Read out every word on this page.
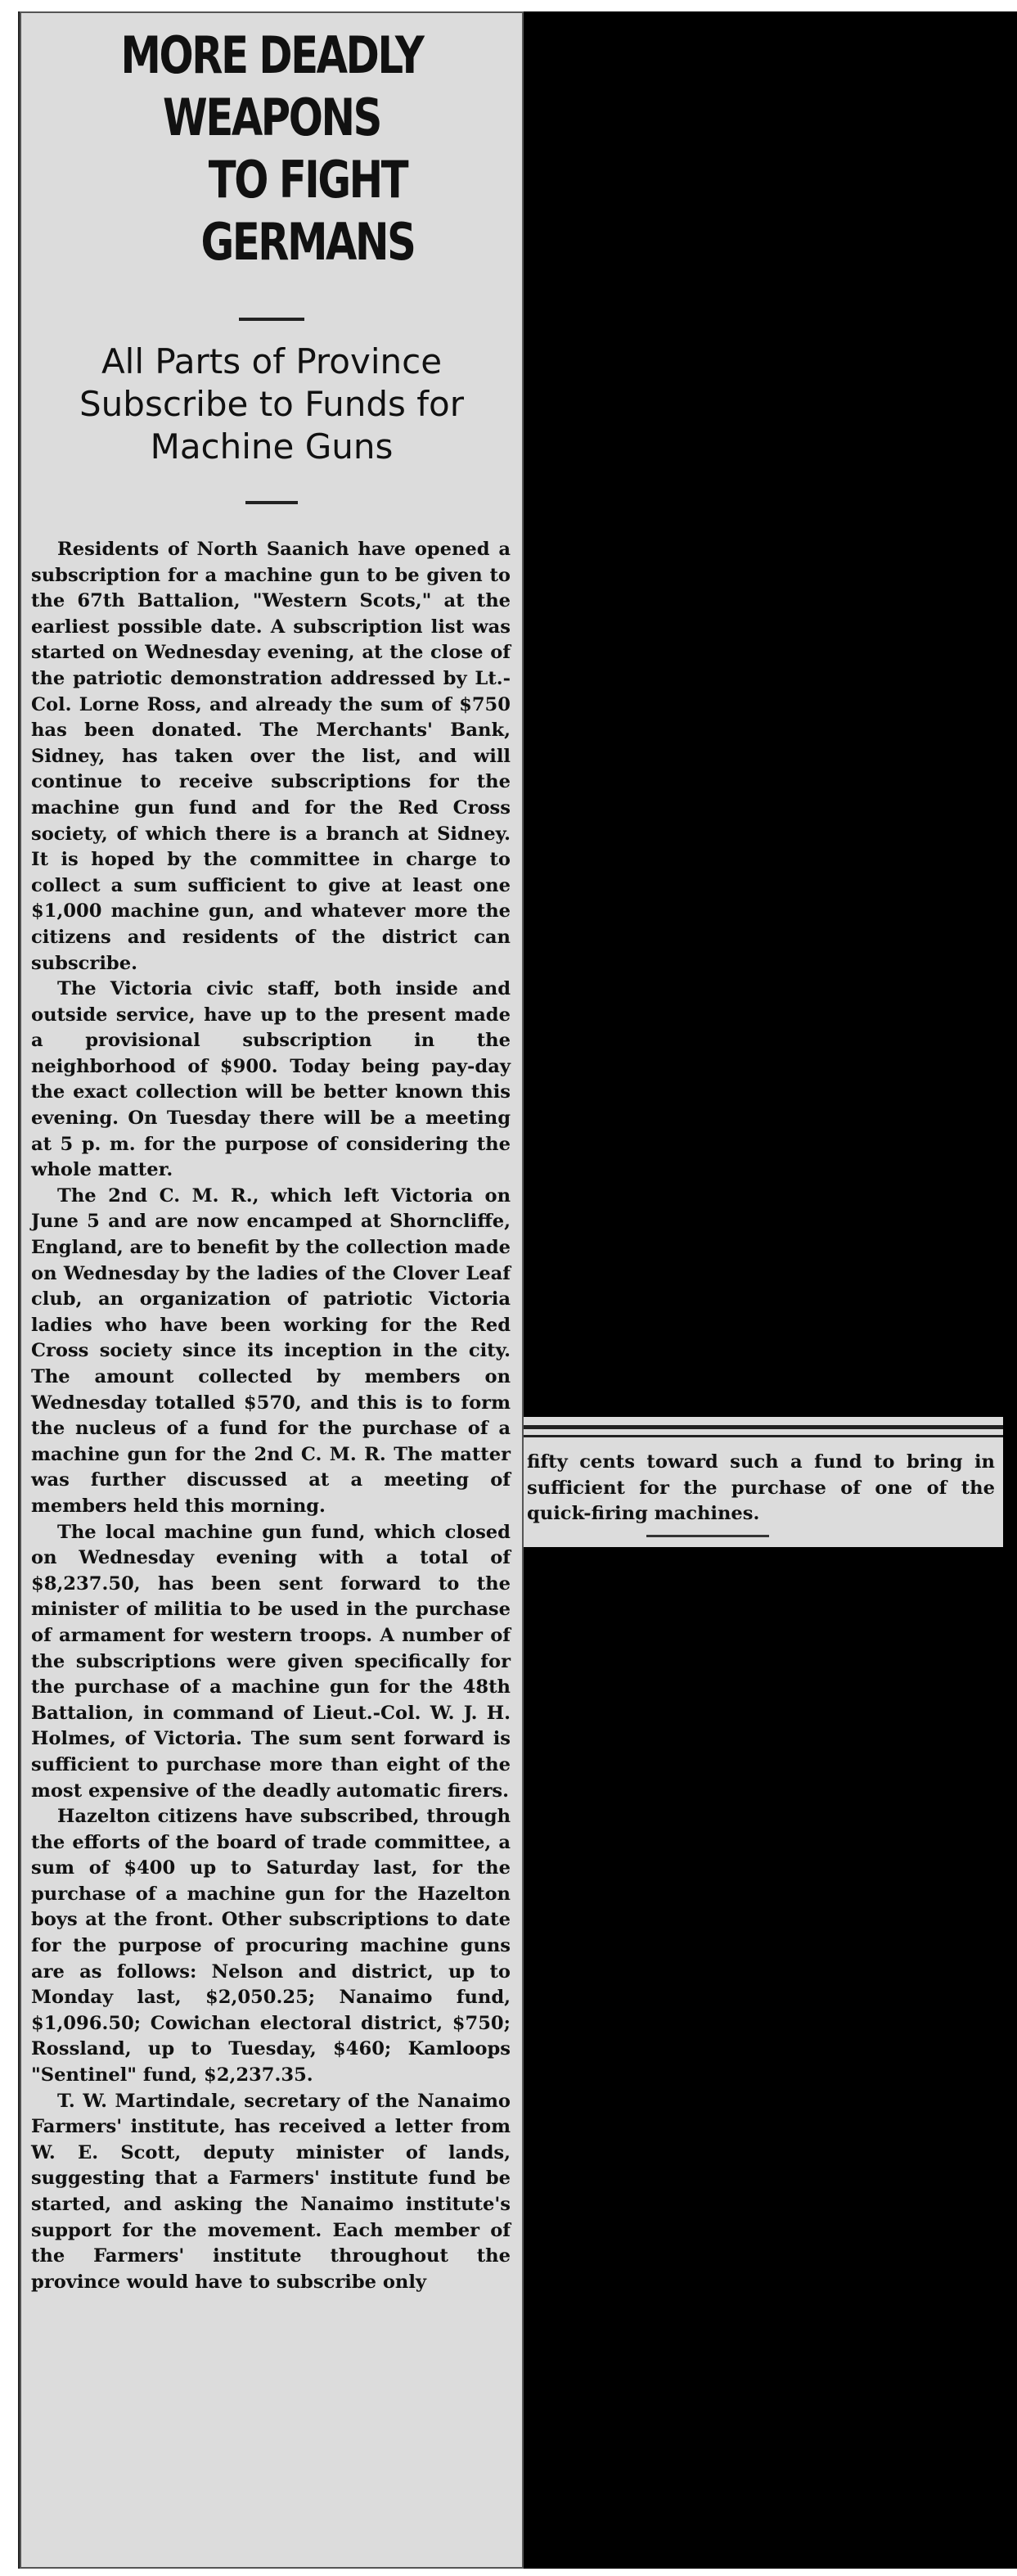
MORE DEADLY WEAPONS
TO FIGHT GERMANS
All Parts of Province Subscribe to Funds for Machine Guns

Residents of North Saanich have opened a subscription for a machine gun to be given to the 67th Battalion, "Western Scots," at the earliest possible date. A subscription list was started on Wednesday evening, at the close of the patriotic demonstration addressed by Lt.-Col. Lorne Ross, and already the sum of $750 has been donated. The Merchants' Bank, Sidney, has taken over the list, and will continue to receive subscriptions for the machine gun fund and for the Red Cross society, of which there is a branch at Sidney. It is hoped by the committee in charge to collect a sum sufficient to give at least one $1,000 machine gun, and whatever more the citizens and residents of the district can subscribe.

The Victoria civic staff, both inside and outside service, have up to the present made a provisional subscription in the neighborhood of $900. Today being pay-day the exact collection will be better known this evening. On Tuesday there will be a meeting at 5 p. m. for the purpose of considering the whole matter.

The 2nd C. M. R., which left Victoria on June 5 and are now encamped at Shorncliffe, England, are to benefit by the collection made on Wednesday by the ladies of the Clover Leaf club, an organization of patriotic Victoria ladies who have been working for the Red Cross society since its inception in the city. The amount collected by members on Wednesday totalled $570, and this is to form the nucleus of a fund for the purchase of a machine gun for the 2nd C. M. R. The matter was further discussed at a meeting of members held this morning.

The local machine gun fund, which closed on Wednesday evening with a total of $8,237.50, has been sent forward to the minister of militia to be used in the purchase of armament for western troops. A number of the subscriptions were given specifically for the purchase of a machine gun for the 48th Battalion, in command of Lieut.-Col. W. J. H. Holmes, of Victoria. The sum sent forward is sufficient to purchase more than eight of the most expensive of the deadly automatic firers.

Hazelton citizens have subscribed, through the efforts of the board of trade committee, a sum of $400 up to Saturday last, for the purchase of a machine gun for the Hazelton boys at the front. Other subscriptions to date for the purpose of procuring machine guns are as follows: Nelson and district, up to Monday last, $2,050.25; Nanaimo fund, $1,096.50; Cowichan electoral district, $750; Rossland, up to Tuesday, $460; Kamloops "Sentinel" fund, $2,237.35.

T. W. Martindale, secretary of the Nanaimo Farmers' institute, has received a letter from W. E. Scott, deputy minister of lands, suggesting that a Farmers' institute fund be started, and asking the Nanaimo institute's support for the movement. Each member of the Farmers' institute throughout the province would have to subscribe only

fifty cents toward such a fund to bring in sufficient for the purchase of one of the quick-firing machines.
